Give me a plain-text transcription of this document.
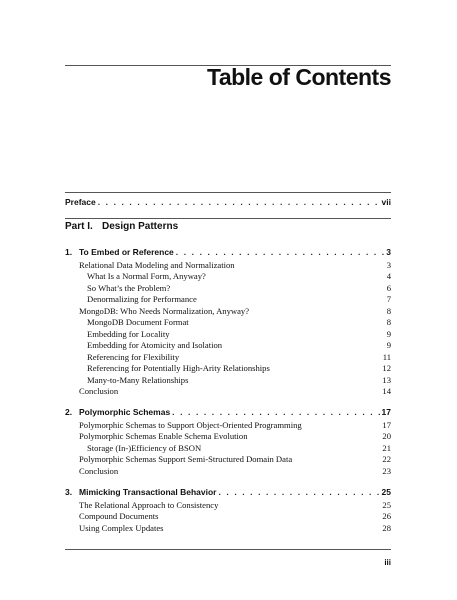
Table of Contents
Preface . . .	vii
Part I. Design Patterns
1. To Embed or Reference . . .	3
Relational Data Modeling and Normalization	3
What Is a Normal Form, Anyway?	4
So What’s the Problem?	6
Denormalizing for Performance	7
MongoDB: Who Needs Normalization, Anyway?	8
MongoDB Document Format	8
Embedding for Locality	9
Embedding for Atomicity and Isolation	9
Referencing for Flexibility	11
Referencing for Potentially High-Arity Relationships	12
Many-to-Many Relationships	13
Conclusion	14
2. Polymorphic Schemas . . .	17
Polymorphic Schemas to Support Object-Oriented Programming	17
Polymorphic Schemas Enable Schema Evolution	20
Storage (In-)Efficiency of BSON	21
Polymorphic Schemas Support Semi-Structured Domain Data	22
Conclusion	23
3. Mimicking Transactional Behavior . . .	25
The Relational Approach to Consistency	25
Compound Documents	26
Using Complex Updates	28
iii
